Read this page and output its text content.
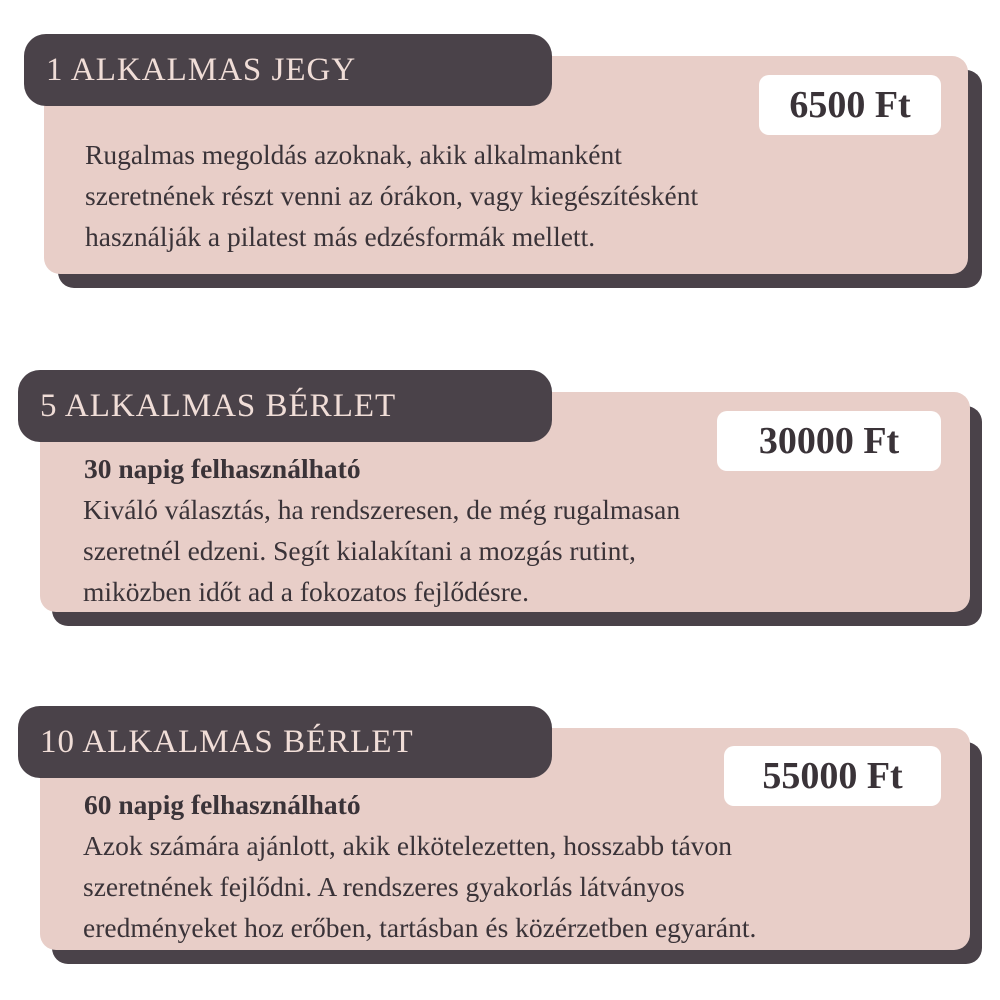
1 ALKALMAS JEGY
6500 Ft
Rugalmas megoldás azoknak, akik alkalmanként
szeretnének részt venni az órákon, vagy kiegészítésként
használják a pilatest más edzésformák mellett.
5 ALKALMAS BÉRLET
30000 Ft
30 napig felhasználható
Kiváló választás, ha rendszeresen, de még rugalmasan
szeretnél edzeni. Segít kialakítani a mozgás rutint,
miközben időt ad a fokozatos fejlődésre.
10 ALKALMAS BÉRLET
55000 Ft
60 napig felhasználható
Azok számára ajánlott, akik elkötelezetten, hosszabb távon
szeretnének fejlődni. A rendszeres gyakorlás látványos
eredményeket hoz erőben, tartásban és közérzetben egyaránt.
